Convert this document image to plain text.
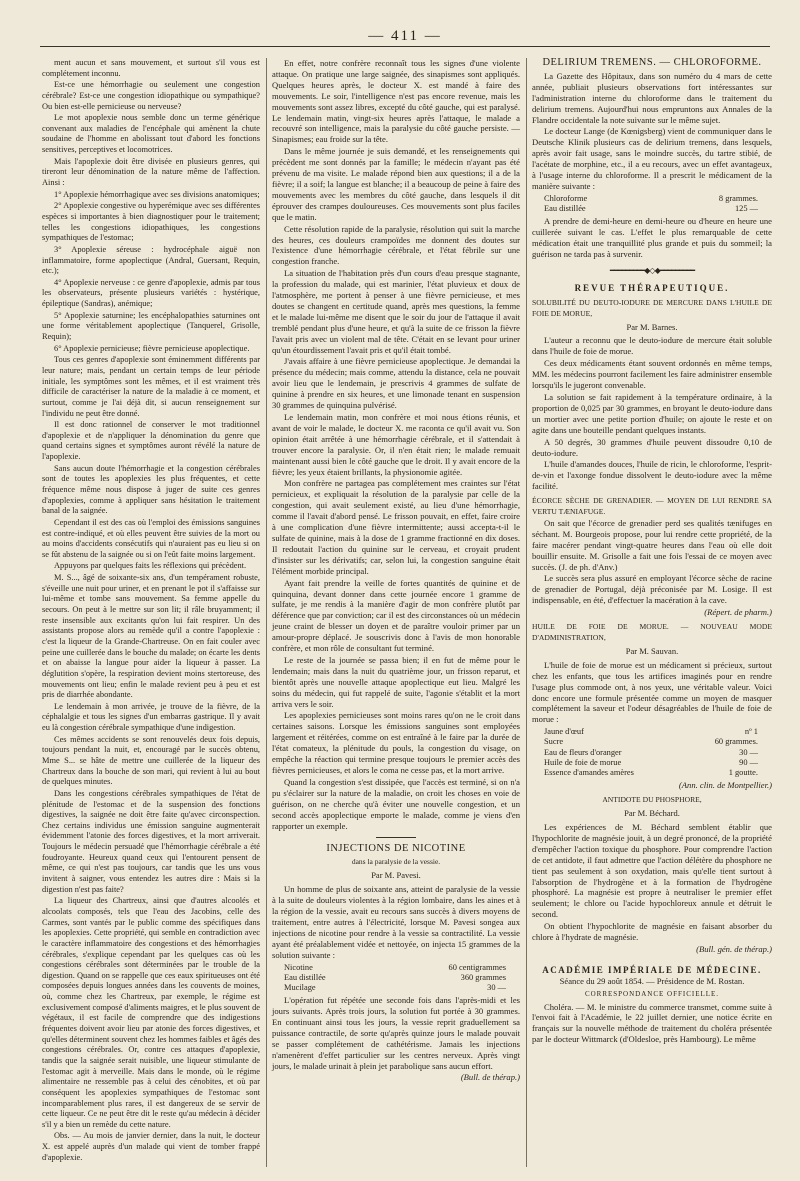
— 411 —

ment aucun et sans mouvement, et surtout s'il vous est complétement inconnu.

Est-ce une hémorrhagie ou seulement une congestion cérébrale? Est-ce une congestion idiopathique ou sympathique? Ou bien est-elle pernicieuse ou nerveuse?

Le mot apoplexie nous semble donc un terme générique convenant aux maladies de l'encéphale qui amènent la chute soudaine de l'homme en abolissant tout d'abord les fonctions sensitives, perceptives et locomotrices.

Mais l'apoplexie doit être divisée en plusieurs genres, qui tireront leur dénomination de la nature même de l'affection. Ainsi :

1° Apoplexie hémorrhagique avec ses divisions anatomiques;

2° Apoplexie congestive ou hyperémique avec ses différentes espèces si importantes à bien diagnostiquer pour le traitement; telles les congestions idiopathiques, les congestions sympathiques de l'estomac;

3° Apoplexie séreuse : hydrocéphale aiguë non inflammatoire, forme apoplectique (Andral, Guersant, Requin, etc.);

4° Apoplexie nerveuse : ce genre d'apoplexie, admis par tous les observateurs, présente plusieurs variétés : hystérique, épileptique (Sandras), anémique;

5° Apoplexie saturnine; les encéphalopathies saturnines ont une forme véritablement apoplectique (Tanquerel, Grisolle, Requin);

6° Apoplexie pernicieuse; fièvre pernicieuse apoplectique.

Tous ces genres d'apoplexie sont éminemment différents par leur nature; mais, pendant un certain temps de leur période initiale, les symptômes sont les mêmes, et il est vraiment très difficile de caractériser la nature de la maladie à ce moment, et surtout, comme je l'ai déjà dit, si aucun renseignement sur l'individu ne peut être donné.

Il est donc rationnel de conserver le mot traditionnel d'apoplexie et de n'appliquer la dénomination du genre que quand certains signes et symptômes auront révélé la nature de l'apoplexie.

Sans aucun doute l'hémorrhagie et la congestion cérébrales sont de toutes les apoplexies les plus fréquentes, et cette fréquence même nous dispose à juger de suite ces genres d'apoplexies, comme à appliquer sans hésitation le traitement banal de la saignée.

Cependant il est des cas où l'emploi des émissions sanguines est contre-indiqué, et où elles peuvent être suivies de la mort ou au moins d'accidents consécutifs qui n'auraient pas eu lieu si on se fût abstenu de la saignée ou si on l'eût faite moins largement.

Appuyons par quelques faits les réflexions qui précèdent.

M. S..., âgé de soixante-six ans, d'un tempérament robuste, s'éveille une nuit pour uriner, et en prenant le pot il s'affaisse sur lui-même et tombe sans mouvement. Sa femme appelle du secours. On peut à le mettre sur son lit; il râle bruyamment; il reste insensible aux excitants qu'on lui fait respirer. Un des assistants propose alors au remède qu'il a contre l'apoplexie : c'est la liqueur de la Grande-Chartreuse. On en fait couler avec peine une cuillerée dans le bouche du malade; on écarte les dents et on abaisse la langue pour aider la liqueur à passer. La déglutition s'opère, la respiration devient moins stertoreuse, des mouvements ont lieu; enfin le malade revient peu à peu et est pris de diarrhée abondante.

Le lendemain à mon arrivée, je trouve de la fièvre, de la céphalalgie et tous les signes d'un embarras gastrique. Il y avait eu là congestion cérébrale sympathique d'une indigestion.

Ces mêmes accidents se sont renouvelés deux fois depuis, toujours pendant la nuit, et, encouragé par le succès obtenu, Mme S... se hâte de mettre une cuillerée de la liqueur des Chartreux dans la bouche de son mari, qui revient à lui au bout de quelques minutes.

Dans les congestions cérébrales sympathiques de l'état de plénitude de l'estomac et de la suspension des fonctions digestives, la saignée ne doit être faite qu'avec circonspection. Chez certains individus une émission sanguine augmenterait évidemment l'atonie des forces digestives, et la mort arriverait. Toujours le médecin persuadé que l'hémorrhagie cérébrale a été foudroyante. Heureux quand ceux qui l'entourent pensent de même, ce qui n'est pas toujours, car tandis que les uns vous invitent à saigner, vous entendez les autres dire : Mais si la digestion n'est pas faite?

La liqueur des Chartreux, ainsi que d'autres alcoolés et alcoolats composés, tels que l'eau des Jacobins, celle des Carmes, sont vantés par le public comme des spécifiques dans les apoplexies. Cette propriété, qui semble en contradiction avec le caractère inflammatoire des congestions et des hémorrhagies cérébrales, s'explique cependant par les quelques cas où les congestions cérébrales sont déterminées par le trouble de la digestion. Quand on se rappelle que ces eaux spiritueuses ont été composées depuis longues années dans les couvents de moines, où, comme chez les Chartreux, par exemple, le régime est exclusivement composé d'aliments maigres, et le plus souvent de végétaux, il est facile de comprendre que des indigestions fréquentes doivent avoir lieu par atonie des forces digestives, et qu'elles déterminent souvent chez les hommes faibles et âgés des congestions cérébrales. Or, contre ces attaques d'apoplexie, tandis que la saignée serait nuisible, une liqueur stimulante de l'estomac agit à merveille. Mais dans le monde, où le régime alimentaire ne ressemble pas à celui des cénobites, et où par conséquent les apoplexies sympathiques de l'estomac sont incomparablement plus rares, il est dangereux de se servir de cette liqueur. Ce ne peut être dit le reste qu'au médecin à décider s'il y a bien un remède du cette nature.

Obs. — Au mois de janvier dernier, dans la nuit, le docteur X. est appelé auprès d'un malade qui vient de tomber frappé d'apoplexie.

En effet, notre confrère reconnaît tous les signes d'une violente attaque. On pratique une large saignée, des sinapismes sont appliqués. Quelques heures après, le docteur X. est mandé à faire des mouvements. Le soir, l'intelligence n'est pas encore revenue, mais les mouvements sont assez libres, excepté du côté gauche, qui est paralysé. Le lendemain matin, vingt-six heures après l'attaque, le malade a recouvré son intelligence, mais la paralysie du côté gauche persiste. — Sinapismes; eau froide sur la tête.

Dans le même journée je suis demandé, et les renseignements qui précèdent me sont donnés par la famille; le médecin n'ayant pas été prévenu de ma visite. Le malade répond bien aux questions; il a de la fièvre; il a soif; la langue est blanche; il a beaucoup de peine à faire des mouvements avec les membres du côté gauche, dans lesquels il dit éprouver des crampes douloureuses. Ces mouvements sont plus faciles que le matin.

Cette résolution rapide de la paralysie, résolution qui suit la marche des heures, ces douleurs crampoïdes me donnent des doutes sur l'existence d'une hémorrhagie cérébrale, et l'état fébrile sur une congestion franche.

La situation de l'habitation près d'un cours d'eau presque stagnante, la profession du malade, qui est marinier, l'état pluvieux et doux de l'atmosphère, me portent à penser à une fièvre pernicieuse, et mes doutes se changent en certitude quand, après mes questions, la femme et le malade lui-même me disent que le soir du jour de l'attaque il avait tremblé pendant plus d'une heure, et qu'à la suite de ce frisson la fièvre l'avait pris avec un violent mal de tête. C'était en se levant pour uriner qu'un étourdissement l'avait pris et qu'il était tombé.

J'avais affaire à une fièvre pernicieuse apoplectique. Je demandai la présence du médecin; mais comme, attendu la distance, cela ne pouvait avoir lieu que le lendemain, je prescrivis 4 grammes de sulfate de quinine à prendre en six heures, et une limonade tenant en suspension 30 grammes de quinquina pulvérisé.

Le lendemain matin, mon confrère et moi nous étions réunis, et avant de voir le malade, le docteur X. me raconta ce qu'il avait vu. Son opinion était arrêtée à une hémorrhagie cérébrale, et il s'attendait à trouver encore la paralysie. Or, il n'en était rien; le malade remuait maintenant aussi bien le côté gauche que le droit. Il y avait encore de la fièvre; les yeux étaient brillants, la physionomie agitée.

Mon confrère ne partagea pas complétement mes craintes sur l'état pernicieux, et expliquait la résolution de la paralysie par celle de la congestion, qui avait seulement existé, au lieu d'une hémorrhagie, comme il l'avait d'abord pensé. Le frisson pouvait, en effet, faire croire à une complication d'une fièvre intermittente; aussi accepta-t-il le sulfate de quinine, mais à la dose de 1 gramme fractionné en dix doses. Il redoutait l'action du quinine sur le cerveau, et croyait prudent d'insister sur les dérivatifs; car, selon lui, la congestion sanguine était l'élément morbide principal.

Ayant fait prendre la veille de fortes quantités de quinine et de quinquina, devant donner dans cette journée encore 1 gramme de sulfate, je me rendis à la manière d'agir de mon confrère plutôt par déférence que par conviction; car il est des circonstances où un médecin jeune craint de blesser un doyen et de paraître vouloir primer par un amour-propre déplacé. Je souscrivis donc à l'avis de mon honorable confrère, et mon rôle de consultant fut terminé.

Le reste de la journée se passa bien; il en fut de même pour le lendemain; mais dans la nuit du quatrième jour, un frisson reparut, et bientôt après une nouvelle attaque apoplectique eut lieu. Malgré les soins du médecin, qui fut rappelé de suite, l'agonie s'établit et la mort arriva vers le soir.

Les apoplexies pernicieuses sont moins rares qu'on ne le croit dans certaines saisons. Lorsque les émissions sanguines sont employées largement et réitérées, comme on est entraîné à le faire par la durée de l'état comateux, la plénitude du pouls, la congestion du visage, on empêche la réaction qui termine presque toujours le premier accès des fièvres pernicieuses, et alors le coma ne cesse pas, et la mort arrive.

Quand la congestion s'est dissipée, que l'accès est terminé, si on n'a pu s'éclairer sur la nature de la maladie, on croit les choses en voie de guérison, on ne cherche qu'à éviter une nouvelle congestion, et un second accès apoplectique emporte le malade, comme je viens d'en rapporter un exemple.

INJECTIONS DE NICOTINE
dans la paralysie de la vessie.
Par M. Pavesi.

Un homme de plus de soixante ans, atteint de paralysie de la vessie à la suite de douleurs violentes à la région lombaire, dans les aines et à la région de la vessie, avait eu recours sans succès à divers moyens de traitement, entre autres à l'électricité, lorsque M. Pavesi songea aux injections de nicotine pour rendre à la vessie sa contractilité. La vessie ayant été préalablement vidée et nettoyée, on injecta 15 grammes de la solution suivante :

Nicotine	60 centigrammes
Eau distillée	360 grammes
Mucilage	30 —

L'opération fut répétée une seconde fois dans l'après-midi et les jours suivants. Après trois jours, la solution fut portée à 30 grammes. En continuant ainsi tous les jours, la vessie reprit graduellement sa puissance contractile, de sorte qu'après quinze jours le malade pouvait se passer complétement de cathétérisme. Jamais les injections n'amenèrent d'effet particulier sur les centres nerveux. Après vingt jours, le malade urinait à plein jet parabolique sans aucun effort.

(Bull. de thérap.)
DELIRIUM TREMENS. — CHLOROFORME.

La Gazette des Hôpitaux, dans son numéro du 4 mars de cette année, publiait plusieurs observations fort intéressantes sur l'administration interne du chloroforme dans le traitement du delirium tremens. Aujourd'hui nous empruntons aux Annales de la Flandre occidentale la note suivante sur le même sujet.

Le docteur Lange (de Kœnigsberg) vient de communiquer dans le Deutsche Klinik plusieurs cas de delirium tremens, dans lesquels, après avoir fait usage, sans le moindre succès, du tartre stibié, de l'acétate de morphine, etc., il a eu recours, avec un effet avantageux, à l'usage interne du chloroforme. Il a prescrit le médicament de la manière suivante :

Chloroforme	8 grammes.
Eau distillée	125 —

A prendre de demi-heure en demi-heure ou d'heure en heure une cuillerée suivant le cas. L'effet le plus remarquable de cette médication était une tranquillité plus grande et puis du sommeil; la guérison ne tarda pas à survenir.

━━━━━━━━━◆◇◆━━━━━━━━━
REVUE THÉRAPEUTIQUE.
SOLUBILITÉ DU DEUTO-IODURE DE MERCURE DANS L'HUILE DE FOIE DE MORUE,
Par M. Barnes.

L'auteur a reconnu que le deuto-iodure de mercure était soluble dans l'huile de foie de morue.

Ces deux médicaments étant souvent ordonnés en même temps, MM. les médecins pourront facilement les faire administrer ensemble lorsqu'ils le jugeront convenable.

La solution se fait rapidement à la température ordinaire, à la proportion de 0,025 par 30 grammes, en broyant le deuto-iodure dans un mortier avec une petite portion d'huile; on ajoute le reste et on agite dans une bouteille pendant quelques instants.

A 50 degrés, 30 grammes d'huile peuvent dissoudre 0,10 de deuto-iodure.

L'huile d'amandes douces, l'huile de ricin, le chloroforme, l'esprit-de-vin et l'axonge fondue dissolvent le deuto-iodure avec la même facilité.

ÉCORCE SÈCHE DE GRENADIER. — MOYEN DE LUI RENDRE SA VERTU TÆNIAFUGE.

On sait que l'écorce de grenadier perd ses qualités tænifuges en séchant. M. Bourgeois propose, pour lui rendre cette propriété, de la faire macérer pendant vingt-quatre heures dans l'eau où elle doit bouillir ensuite. M. Grisolle a fait une fois l'essai de ce moyen avec succès. (J. de ph. d'Anv.)

Le succès sera plus assuré en employant l'écorce sèche de racine de grenadier de Portugal, déjà préconisée par M. Losige. Il est indispensable, en été, d'effectuer la macération à la cave.

(Répert. de pharm.)
HUILE DE FOIE DE MORUE. — NOUVEAU MODE D'ADMINISTRATION,
Par M. Sauvan.

L'huile de foie de morue est un médicament si précieux, surtout chez les enfants, que tous les artifices imaginés pour en rendre l'usage plus commode ont, à nos yeux, une véritable valeur. Voici donc encore une formule présentée comme un moyen de masquer complétement la saveur et l'odeur désagréables de l'huile de foie de morue :

Jaune d'œuf	nº 1
Sucre	60 grammes.
Eau de fleurs d'oranger	30 —
Huile de foie de morue	90 —
Essence d'amandes amères	1 goutte.
(Ann. clin. de Montpellier.)
ANTIDOTE DU PHOSPHORE,
Par M. Béchard.

Les expériences de M. Béchard semblent établir que l'hypochlorite de magnésie jouit, à un degré prononcé, de la propriété d'empêcher l'action toxique du phosphore. Pour comprendre l'action de cet antidote, il faut admettre que l'action délétère du phosphore ne tient pas seulement à son oxydation, mais qu'elle tient surtout à l'absorption de l'hydrogène et à la formation de l'hydrogène phosphoré. La magnésie est propre à neutraliser le premier effet seulement; le chlore ou l'acide hypochloreux annule et détruit le second.

On obtient l'hypochlorite de magnésie en faisant absorber du chlore à l'hydrate de magnésie.

(Bull. gén. de thérap.)
ACADÉMIE IMPÉRIALE DE MÉDECINE.
Séance du 29 août 1854. — Présidence de M. Rostan.
CORRESPONDANCE OFFICIELLE.

Choléra. — M. le ministre du commerce transmet, comme suite à l'envoi fait à l'Académie, le 22 juillet dernier, une notice écrite en français sur la nouvelle méthode de traitement du choléra présentée par le docteur Wittmarck (d'Oldesloe, près Hambourg). Le même
